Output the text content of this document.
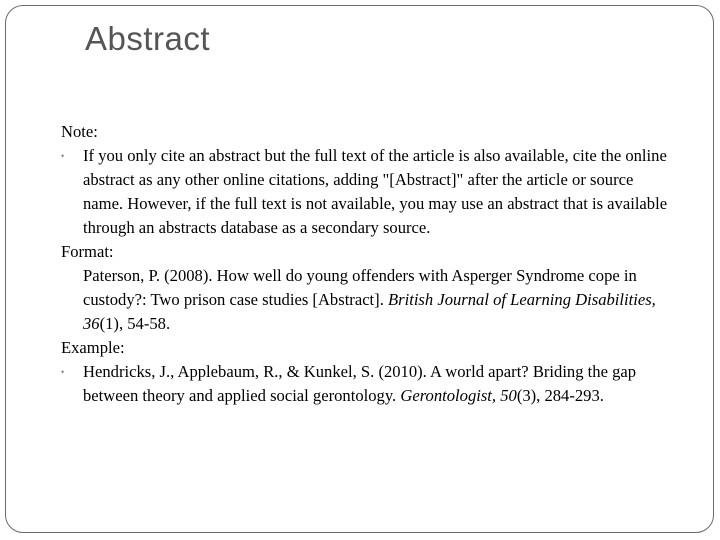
Abstract

Note:

•	If you only cite an abstract but the full text of the article is also available, cite the online abstract as any other online citations, adding "[Abstract]" after the article or source name. However, if the full text is not available, you may use an abstract that is available through an abstracts database as a secondary source.

Format:

Paterson, P. (2008). How well do young offenders with Asperger Syndrome cope in custody?: Two prison case studies [Abstract]. British Journal of Learning Disabilities, 36(1), 54-58.

Example:

•	Hendricks, J., Applebaum, R., & Kunkel, S. (2010). A world apart? Briding the gap between theory and applied social gerontology. Gerontologist, 50(3), 284-293.
